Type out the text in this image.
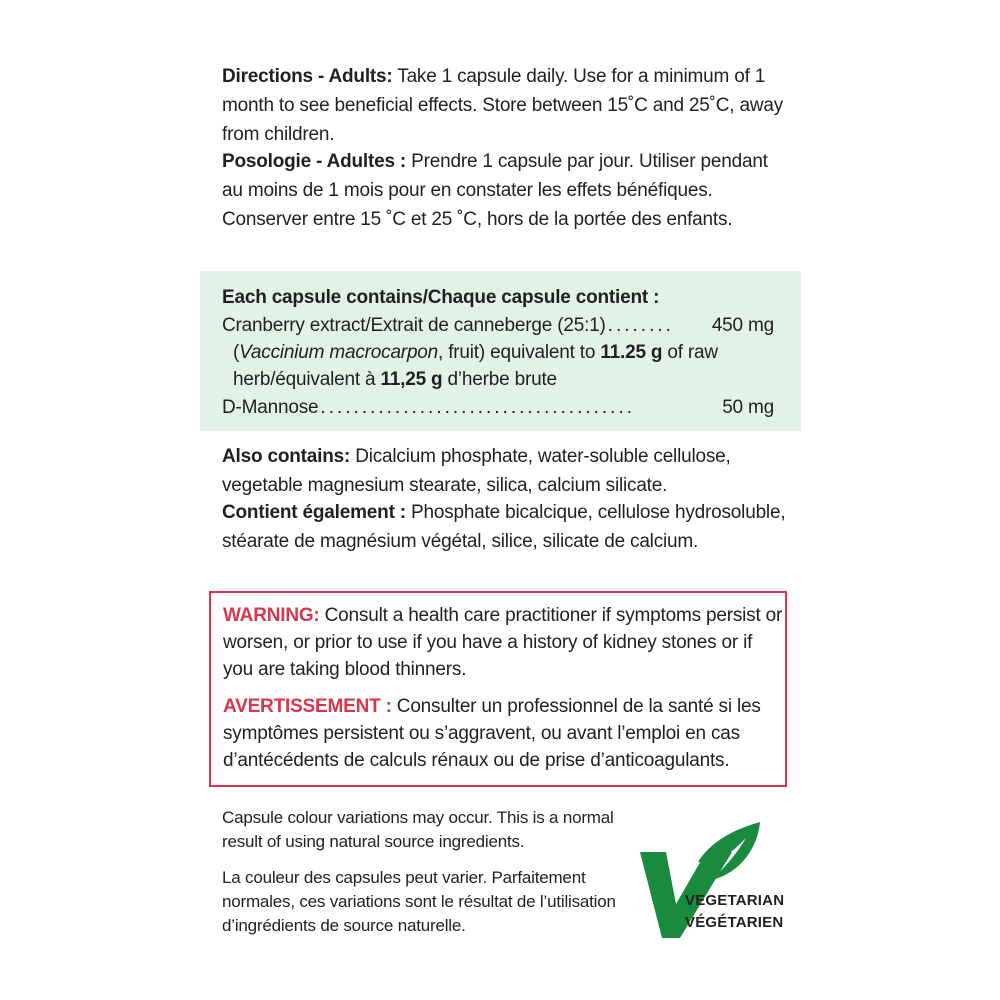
Directions - Adults: Take 1 capsule daily. Use for a minimum of 1 month to see beneficial effects. Store between 15˚C and 25˚C, away from children.

Posologie - Adultes : Prendre 1 capsule par jour. Utiliser pendant au moins de 1 mois pour en constater les effets bénéfiques. Conserver entre 15 ˚C et 25 ˚C, hors de la portée des enfants.

Each capsule contains/Chaque capsule contient :
Cranberry extract/Extrait de canneberge (25:1) ........	450 mg
(Vaccinium macrocarpon, fruit) equivalent to 11.25 g of raw
herb/équivalent à 11,25 g d’herbe brute
D-Mannose ......................................	50 mg

Also contains: Dicalcium phosphate, water-soluble cellulose, vegetable magnesium stearate, silica, calcium silicate.

Contient également : Phosphate bicalcique, cellulose hydrosoluble, stéarate de magnésium végétal, silice, silicate de calcium.

WARNING: Consult a health care practitioner if symptoms persist or worsen, or prior to use if you have a history of kidney stones or if you are taking blood thinners.

AVERTISSEMENT : Consulter un professionnel de la santé si les symptômes persistent ou s’aggravent, ou avant l’emploi en cas d’antécédents de calculs rénaux ou de prise d’anticoagulants.

Capsule colour variations may occur. This is a normal result of using natural source ingredients.

La couleur des capsules peut varier. Parfaitement normales, ces variations sont le résultat de l’utilisation d’ingrédients de source naturelle.

VEGETARIAN
VÉGÉTARIEN
